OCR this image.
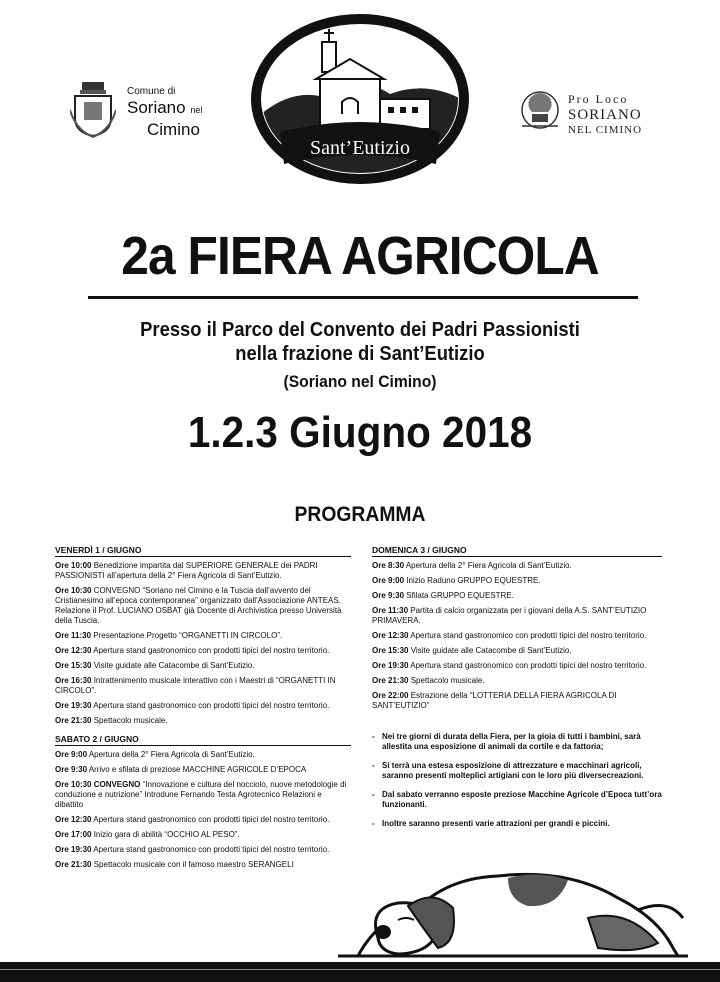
Comune di
Soriano nel
Cimino
Sant’Eutizio
Pro Loco
SORIANO
NEL CIMINO
2a FIERA AGRICOLA
Presso il Parco del Convento dei Padri Passionisti
nella frazione di Sant’Eutizio
(Soriano nel Cimino)
1.2.3 Giugno 2018
PROGRAMMA
VENERDÌ 1 / GIUGNO
Ore 10:00 Benedizione impartita dal SUPERIORE GENERALE dei PADRI PASSIONISTI all’apertura della 2° Fiera Agricola di Sant’Eutizio.
Ore 10:30 CONVEGNO “Soriano nel Cimino e la Tuscia dall’avvento del Cristianesimo all’epoca contemporanea” organizzato dall’Associazione ANTEAS. Relazione il Prof. LUCIANO OSBAT già Docente di Archivistica presso Università della Tuscia.
Ore 11:30 Presentazione Progetto “ORGANETTI IN CIRCOLO”.
Ore 12:30 Apertura stand gastronomico con prodotti tipici del nostro territorio.
Ore 15:30 Visite guidate alle Catacombe di Sant’Eutizio.
Ore 16:30 Intrattenimento musicale interattivo con i Maestri di “ORGANETTI IN CIRCOLO”.
Ore 19:30 Apertura stand gastronomico con prodotti tipici del nostro territorio.
Ore 21:30 Spettacolo musicale.
SABATO 2 / GIUGNO
Ore 9:00 Apertura della 2° Fiera Agricola di Sant’Eutizio.
Ore 9:30 Arrivo e sfilata di preziose MACCHINE AGRICOLE D’EPOCA
Ore 10:30 CONVEGNO “Innovazione e cultura del nocciolo, nuove metodologie di conduzione e nutrizione” Introdune Fernando Testa Agrotecnico Relazioni e dibattito
Ore 12:30 Apertura stand gastronomico con prodotti tipici del nostro territorio.
Ore 17:00 Inizio gara di abilità “OCCHIO AL PESO”.
Ore 19:30 Apertura stand gastronomico con prodotti tipici del nostro territorio.
Ore 21:30 Spettacolo musicale con il famoso maestro SERANGELI
DOMENICA 3 / GIUGNO
Ore 8:30 Apertura della 2° Fiera Agricola di Sant’Eutizio.
Ore 9:00 Inizio Raduno GRUPPO EQUESTRE.
Ore 9:30 Sfilata GRUPPO EQUESTRE.
Ore 11:30 Partita di calcio organizzata per i giovani della A.S. SANT’EUTIZIO PRIMAVERA.
Ore 12:30 Apertura stand gastronomico con prodotti tipici del nostro territorio.
Ore 15:30 Visite guidate alle Catacombe di Sant’Eutizio.
Ore 19:30 Apertura stand gastronomico con prodotti tipici del nostro territorio.
Ore 21:30 Spettacolo musicale.
Ore 22:00 Estrazione della “LOTTERIA DELLA FIERA AGRICOLA DI SANT’EUTIZIO”
- Nei tre giorni di durata della Fiera, per la gioia di tutti i bambini, sarà allestita una esposizione di animali da cortile e da fattoria;
- Si terrà una estesa esposizione di attrezzature e macchinari agricoli, saranno presenti molteplici artigiani con le loro più diversecreazioni.
- Dal sabato verranno esposte preziose Macchine Agricole d’Epoca tutt’ora funzionanti.
- Inoltre saranno presenti varie attrazioni per grandi e piccini.
